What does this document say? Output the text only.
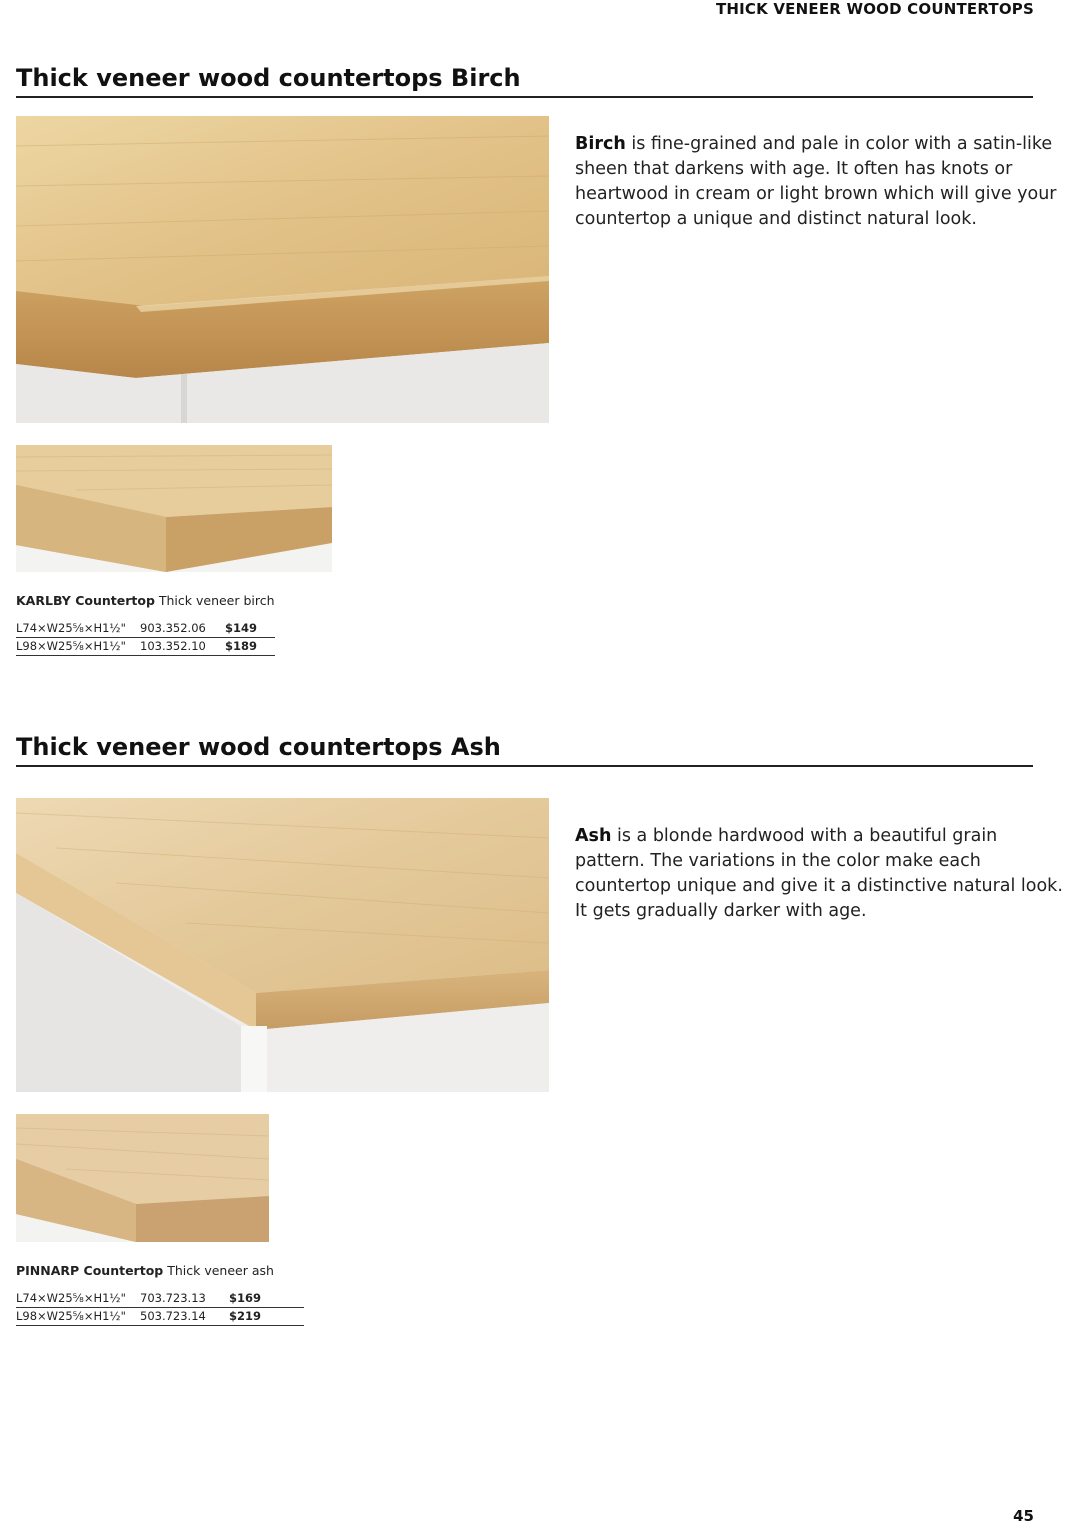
THICK VENEER WOOD COUNTERTOPS
Thick veneer wood countertops Birch
Birch is fine-grained and pale in color with a satin-like sheen that darkens with age. It often has knots or heartwood in cream or light brown which will give your countertop a unique and distinct natural look.
KARLBY Countertop Thick veneer birch
L74×W25⅝×H1½"	903.352.06	$149
L98×W25⅝×H1½"	103.352.10	$189
Thick veneer wood countertops Ash
Ash is a blonde hardwood with a beautiful grain pattern. The variations in the color make each countertop unique and give it a distinctive natural look. It gets gradually darker with age.
PINNARP Countertop Thick veneer ash
L74×W25⅝×H1½"	703.723.13	$169
L98×W25⅝×H1½"	503.723.14	$219
45
